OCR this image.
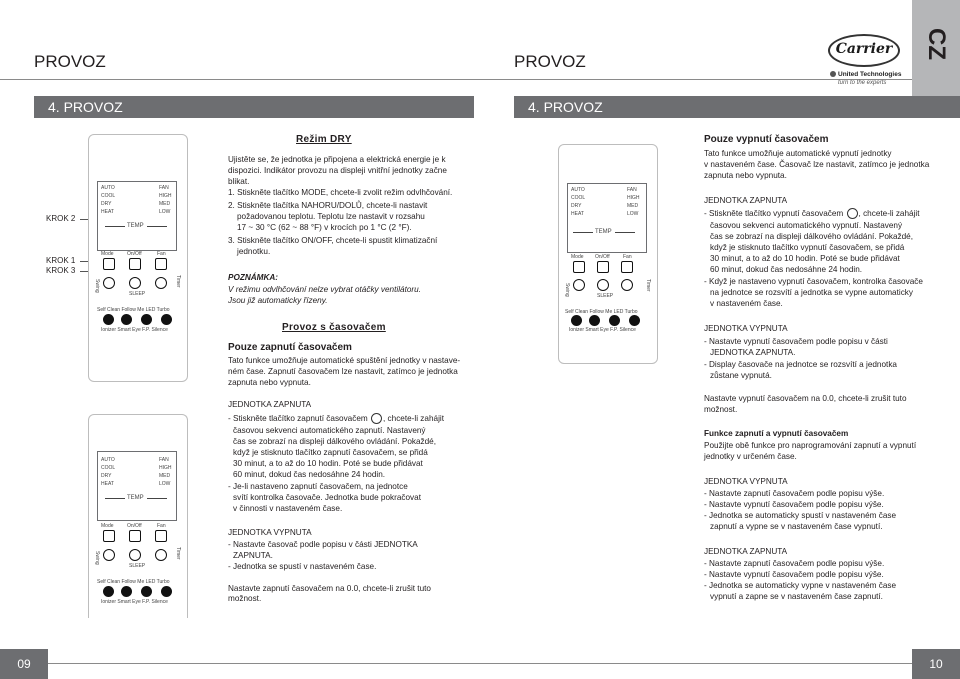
PROVOZ	PROVOZ
4. PROVOZ	4. PROVOZ
CZ
Carrier
United Technologies
turn to the experts
KROK 2
KROK 1
KROK 3
AUTO
COOL
DRY
HEAT
FAN
HIGH
MED
LOW
TEMP
Mode	On/Off	Fan
Swing	Timer
SLEEP
Self Clean Follow Me LED Turbo
Ionizer Smart Eye F.P. Silence
AUTO
COOL
DRY
HEAT
FAN
HIGH
MED
LOW
TEMP
Mode	On/Off	Fan
Swing	Timer
SLEEP
Self Clean Follow Me LED Turbo
Ionizer Smart Eye F.P. Silence
AUTO
COOL
DRY
HEAT
FAN
HIGH
MED
LOW
TEMP
Mode On/Off	Fan
Swing	Timer
SLEEP
Self Clean Follow Me LED Turbo
Ionizer Smart Eye F.P. Silence
Režim DRY
Ujistěte se, že jednotka je připojena a elektrická energie je k dispozici. Indikátor provozu na displeji vnitřní jednotky začne blikat.
1. Stiskněte tlačítko MODE, chcete-li zvolit režim odvlhčování.
2. Stiskněte tlačítka NAHORU/DOLŮ, chcete-li nastavit
požadovanou teplotu. Teplotu lze nastavit v rozsahu
17 ~ 30 °C (62 ~ 88 °F) v krocích po 1 °C (2 °F).
3. Stiskněte tlačítko ON/OFF, chcete-li spustit klimatizační
jednotku.
POZNÁMKA:
V režimu odvlhčování nelze vybrat otáčky ventilátoru.
Jsou již automaticky řízeny.
Provoz s časovačem
Pouze zapnutí časovačem
Tato funkce umožňuje automatické spuštění jednotky v nastave-ném čase. Zapnutí časovačem lze nastavit, zatímco je jednotka zapnuta nebo vypnuta.
JEDNOTKA ZAPNUTA
- Stiskněte tlačítko zapnutí časovačem , chcete-li zahájit
časovou sekvenci automatického zapnutí. Nastavený
čas se zobrazí na displeji dálkového ovládání. Pokaždé,
když je stisknuto tlačítko zapnutí časovačem, se přidá
30 minut, a to až do 10 hodin. Poté se bude přidávat
60 minut, dokud čas nedosáhne 24 hodin.
- Je-li nastaveno zapnutí časovačem, na jednotce
svítí kontrolka časovače. Jednotka bude pokračovat
v činnosti v nastaveném čase.
JEDNOTKA VYPNUTA
- Nastavte časovač podle popisu v části JEDNOTKA
ZAPNUTA.
- Jednotka se spustí v nastaveném čase.
Nastavte zapnutí časovačem na 0.0, chcete-li zrušit tuto
možnost.
Pouze vypnutí časovačem
Tato funkce umožňuje automatické vypnutí jednotky
v nastaveném čase. Časovač lze nastavit, zatímco je jednotka
zapnuta nebo vypnuta.
JEDNOTKA ZAPNUTA
- Stiskněte tlačítko vypnutí časovačem , chcete-li zahájit
časovou sekvenci automatického vypnutí. Nastavený
čas se zobrazí na displeji dálkového ovládání. Pokaždé,
když je stisknuto tlačítko vypnutí časovačem, se přidá
30 minut, a to až do 10 hodin. Poté se bude přidávat
60 minut, dokud čas nedosáhne 24 hodin.
- Když je nastaveno vypnutí časovačem, kontrolka časovače
na jednotce se rozsvítí a jednotka se vypne automaticky
v nastaveném čase.
JEDNOTKA VYPNUTA
- Nastavte vypnutí časovačem podle popisu v části
JEDNOTKA ZAPNUTA.
- Display časovače na jednotce se rozsvítí a jednotka
zůstane vypnutá.
Nastavte vypnutí časovačem na 0.0, chcete-li zrušit tuto
možnost.
Funkce zapnutí a vypnutí časovačem
Použijte obě funkce pro naprogramování zapnutí a vypnutí
jednotky v určeném čase.
JEDNOTKA VYPNUTA
- Nastavte zapnutí časovačem podle popisu výše.
- Nastavte vypnutí časovačem podle popisu výše.
- Jednotka se automaticky spustí v nastaveném čase
zapnutí a vypne se v nastaveném čase vypnutí.
JEDNOTKA ZAPNUTA
- Nastavte zapnutí časovačem podle popisu výše.
- Nastavte vypnutí časovačem podle popisu výše.
- Jednotka se automaticky vypne v nastaveném čase
vypnutí a zapne se v nastaveném čase zapnutí.
09	10
